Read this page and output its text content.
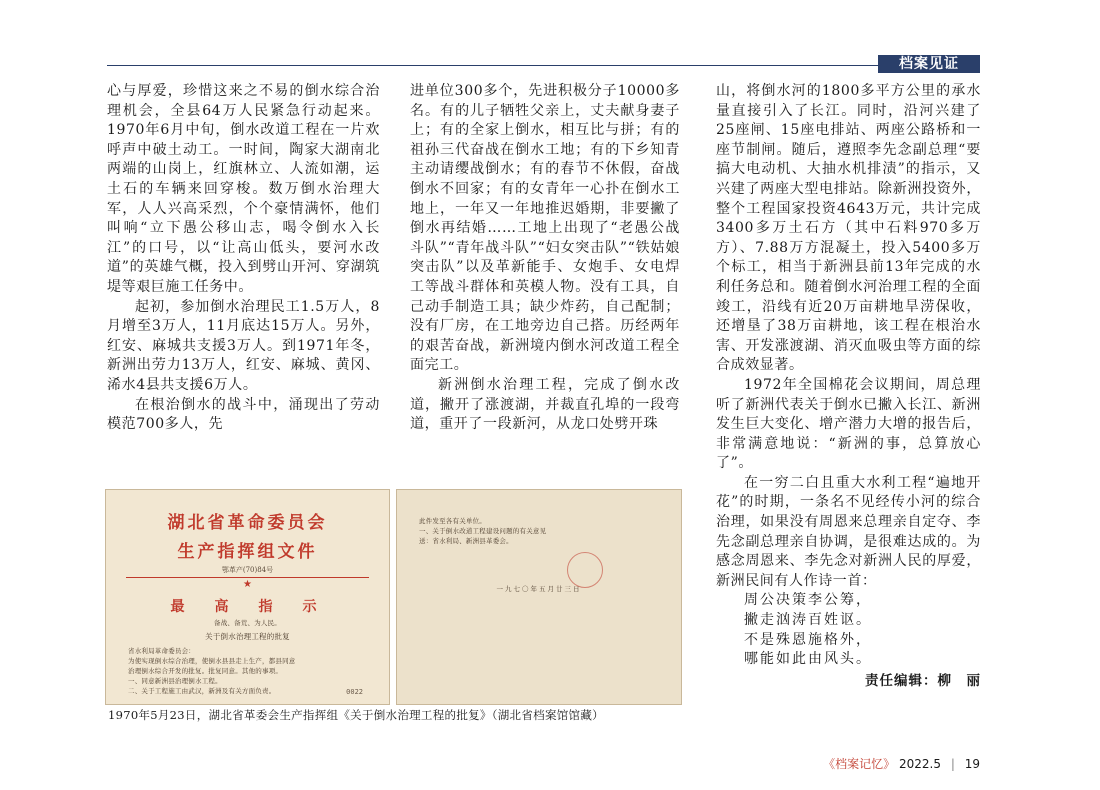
档案见证

心与厚爱，珍惜这来之不易的倒水综合治理机会，全县64万人民紧急行动起来。1970年6月中旬，倒水改道工程在一片欢呼声中破土动工。一时间，陶家大湖南北两端的山岗上，红旗林立、人流如潮，运土石的车辆来回穿梭。数万倒水治理大军，人人兴高采烈，个个豪情满怀，他们叫响“立下愚公移山志，喝令倒水入长江”的口号，以“让高山低头，要河水改道”的英雄气概，投入到劈山开河、穿湖筑堤等艰巨施工任务中。

起初，参加倒水治理民工1.5万人，8月增至3万人，11月底达15万人。另外，红安、麻城共支援3万人。到1971年冬，新洲出劳力13万人，红安、麻城、黄冈、浠水4县共支援6万人。

在根治倒水的战斗中，涌现出了劳动模范700多人，先

进单位300多个，先进积极分子10000多名。有的儿子牺牲父亲上，丈夫献身妻子上；有的全家上倒水，相互比与拼；有的祖孙三代奋战在倒水工地；有的下乡知青主动请缨战倒水；有的春节不休假，奋战倒水不回家；有的女青年一心扑在倒水工地上，一年又一年地推迟婚期，非要撇了倒水再结婚……工地上出现了“老愚公战斗队”“青年战斗队”“妇女突击队”“铁姑娘突击队”以及革新能手、女炮手、女电焊工等战斗群体和英模人物。没有工具，自己动手制造工具；缺少炸药，自己配制；没有厂房，在工地旁边自己搭。历经两年的艰苦奋战，新洲境内倒水河改道工程全面完工。

新洲倒水治理工程，完成了倒水改道，撇开了涨渡湖，并裁直孔埠的一段弯道，重开了一段新河，从龙口处劈开珠

山，将倒水河的1800多平方公里的承水量直接引入了长江。同时，沿河兴建了25座闸、15座电排站、两座公路桥和一座节制闸。随后，遵照李先念副总理“要搞大电动机、大抽水机排渍”的指示，又兴建了两座大型电排站。除新洲投资外，整个工程国家投资4643万元，共计完成3400多万土石方（其中石料970多万方）、7.88万方混凝土，投入5400多万个标工，相当于新洲县前13年完成的水利任务总和。随着倒水河治理工程的全面竣工，沿线有近20万亩耕地旱涝保收，还增垦了38万亩耕地，该工程在根治水害、开发涨渡湖、消灭血吸虫等方面的综合成效显著。

1972年全国棉花会议期间，周总理听了新洲代表关于倒水已撇入长江、新洲发生巨大变化、增产潜力大增的报告后，非常满意地说：“新洲的事，总算放心了”。

在一穷二白且重大水利工程“遍地开花”的时期，一条名不见经传小河的综合治理，如果没有周恩来总理亲自定夺、李先念副总理亲自协调，是很难达成的。为感念周恩来、李先念对新洲人民的厚爱，新洲民间有人作诗一首：

周公决策李公筹，
撇走汹涛百姓讴。
不是殊恩施格外，
哪能如此由风头。
责任编辑：柳　丽
湖北省革命委员会
生产指挥组文件
鄂革产(70)84号
★
最　高　指　示
备战、备荒、为人民。
关于倒水治理工程的批复
省水利局革命委员会：
为使实现倒水综合治理，使倒水县县走上生产，都县同意
治理倒水综合开发的批复。批复同意。其他的事项。
一、同意新洲县治理倒水工程。
二、关于工程施工由武汉，新洲及有关方面负责。	0022
此件发至各有关单位。
一、关于倒水改道工程建设问题的有关意见
送：省水利局、新洲县革委会。
一九七〇年五月廿三日
1970年5月23日，湖北省革委会生产指挥组《关于倒水治理工程的批复》（湖北省档案馆馆藏）
《档案记忆》 2022.5 | 19
